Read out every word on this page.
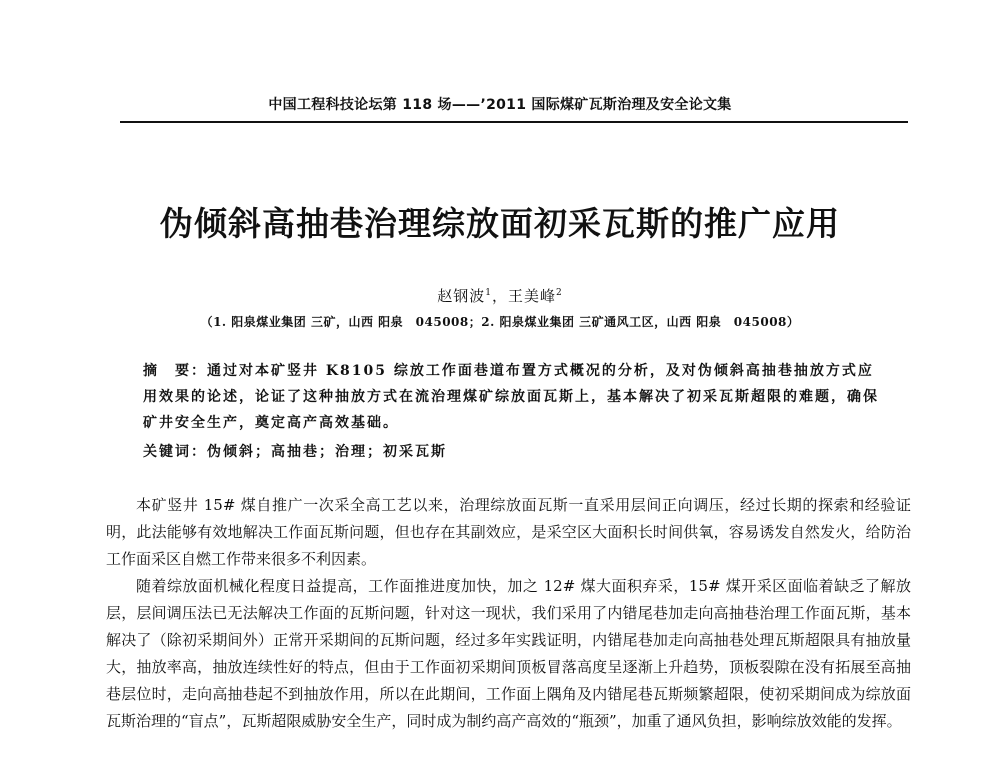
中国工程科技论坛第 118 场——’2011 国际煤矿瓦斯治理及安全论文集
伪倾斜高抽巷治理综放面初采瓦斯的推广应用
赵钢波$^1$，王美峰$^2$
（1. 阳泉煤业集团 三矿，山西 阳泉　045008；2. 阳泉煤业集团 三矿通风工区，山西 阳泉　045008）
摘　要：通过对本矿竖井 K8105 综放工作面巷道布置方式概况的分析，及对伪倾斜高抽巷抽放方式应用效果的论述，论证了这种抽放方式在流治理煤矿综放面瓦斯上，基本解决了初采瓦斯超限的难题，确保矿井安全生产，奠定高产高效基础。
关键词：伪倾斜；高抽巷；治理；初采瓦斯

本矿竖井 15# 煤自推广一次采全高工艺以来，治理综放面瓦斯一直采用层间正向调压，经过长期的探索和经验证明，此法能够有效地解决工作面瓦斯问题，但也存在其副效应，是采空区大面积长时间供氧，容易诱发自然发火，给防治工作面采区自燃工作带来很多不利因素。

随着综放面机械化程度日益提高，工作面推进度加快，加之 12# 煤大面积弃采，15# 煤开采区面临着缺乏了解放层，层间调压法已无法解决工作面的瓦斯问题，针对这一现状，我们采用了内错尾巷加走向高抽巷治理工作面瓦斯，基本解决了（除初采期间外）正常开采期间的瓦斯问题，经过多年实践证明，内错尾巷加走向高抽巷处理瓦斯超限具有抽放量大，抽放率高，抽放连续性好的特点，但由于工作面初采期间顶板冒落高度呈逐渐上升趋势，顶板裂隙在没有拓展至高抽巷层位时，走向高抽巷起不到抽放作用，所以在此期间，工作面上隅角及内错尾巷瓦斯频繁超限，使初采期间成为综放面瓦斯治理的“盲点”，瓦斯超限威胁安全生产，同时成为制约高产高效的“瓶颈”，加重了通风负担，影响综放效能的发挥。
